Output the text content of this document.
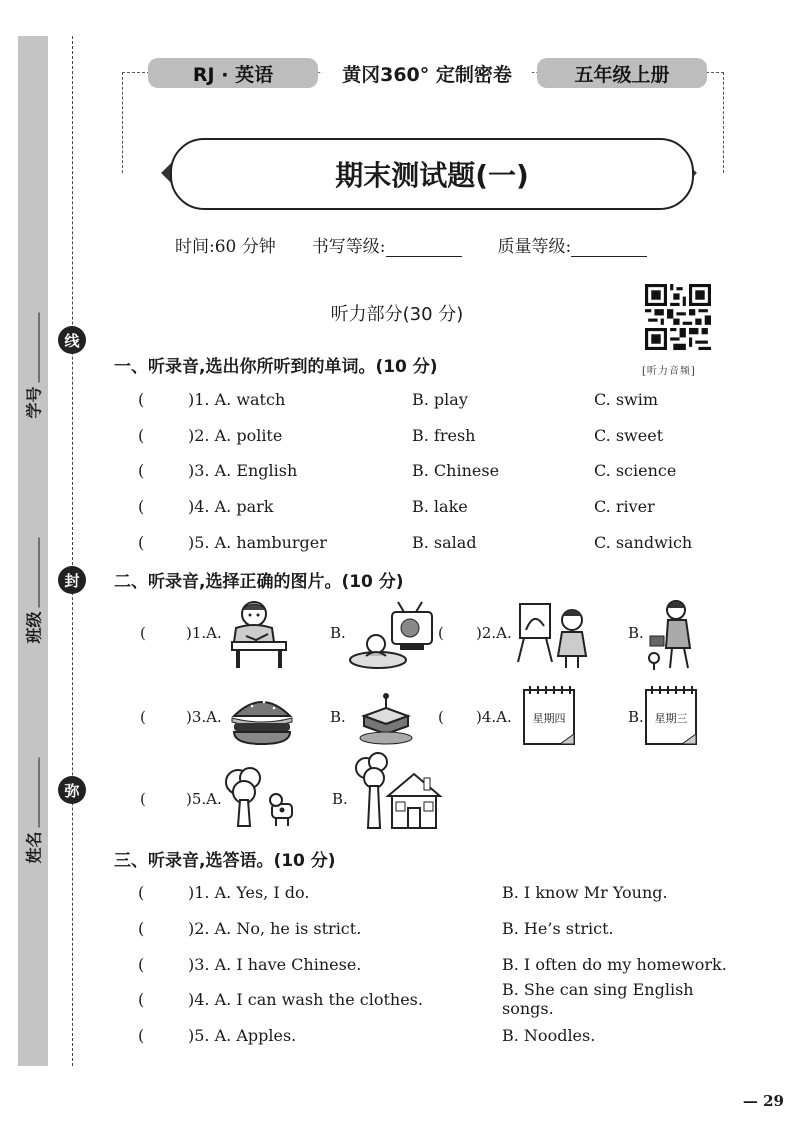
学号
班级
姓名
线
封
弥
RJ · 英语	黄冈360° 定制密卷	五年级上册
期末测试题(一)
时间:60 分钟 书写等级:	质量等级:
听力部分(30 分)
[听力音频]
一、听录音,选出你所听到的单词。(10 分)
(	)1. A. watch	B. play	C. swim
(	)2. A. polite	B. fresh	C. sweet
(	)3. A. English	B. Chinese	C. science
(	)4. A. park	B. lake	C. river
(	)5. A. hamburger	B. salad	C. sandwich
二、听录音,选择正确的图片。(10 分)
(	)1.A.	B.	( )2.A.	B.
(	)3.A.	B.	( )4.A. 星期四	B. 星期三
(	)5.A.	B.
三、听录音,选答语。(10 分)
(	)1. A. Yes, I do.	B. I know Mr Young.
(	)2. A. No, he is strict.	B. He’s strict.
(	)3. A. I have Chinese.	B. I often do my homework.
(	)4. A. I can wash the clothes.	B. She can sing English songs.
(	)5. A. Apples.	B. Noodles.
— 29
